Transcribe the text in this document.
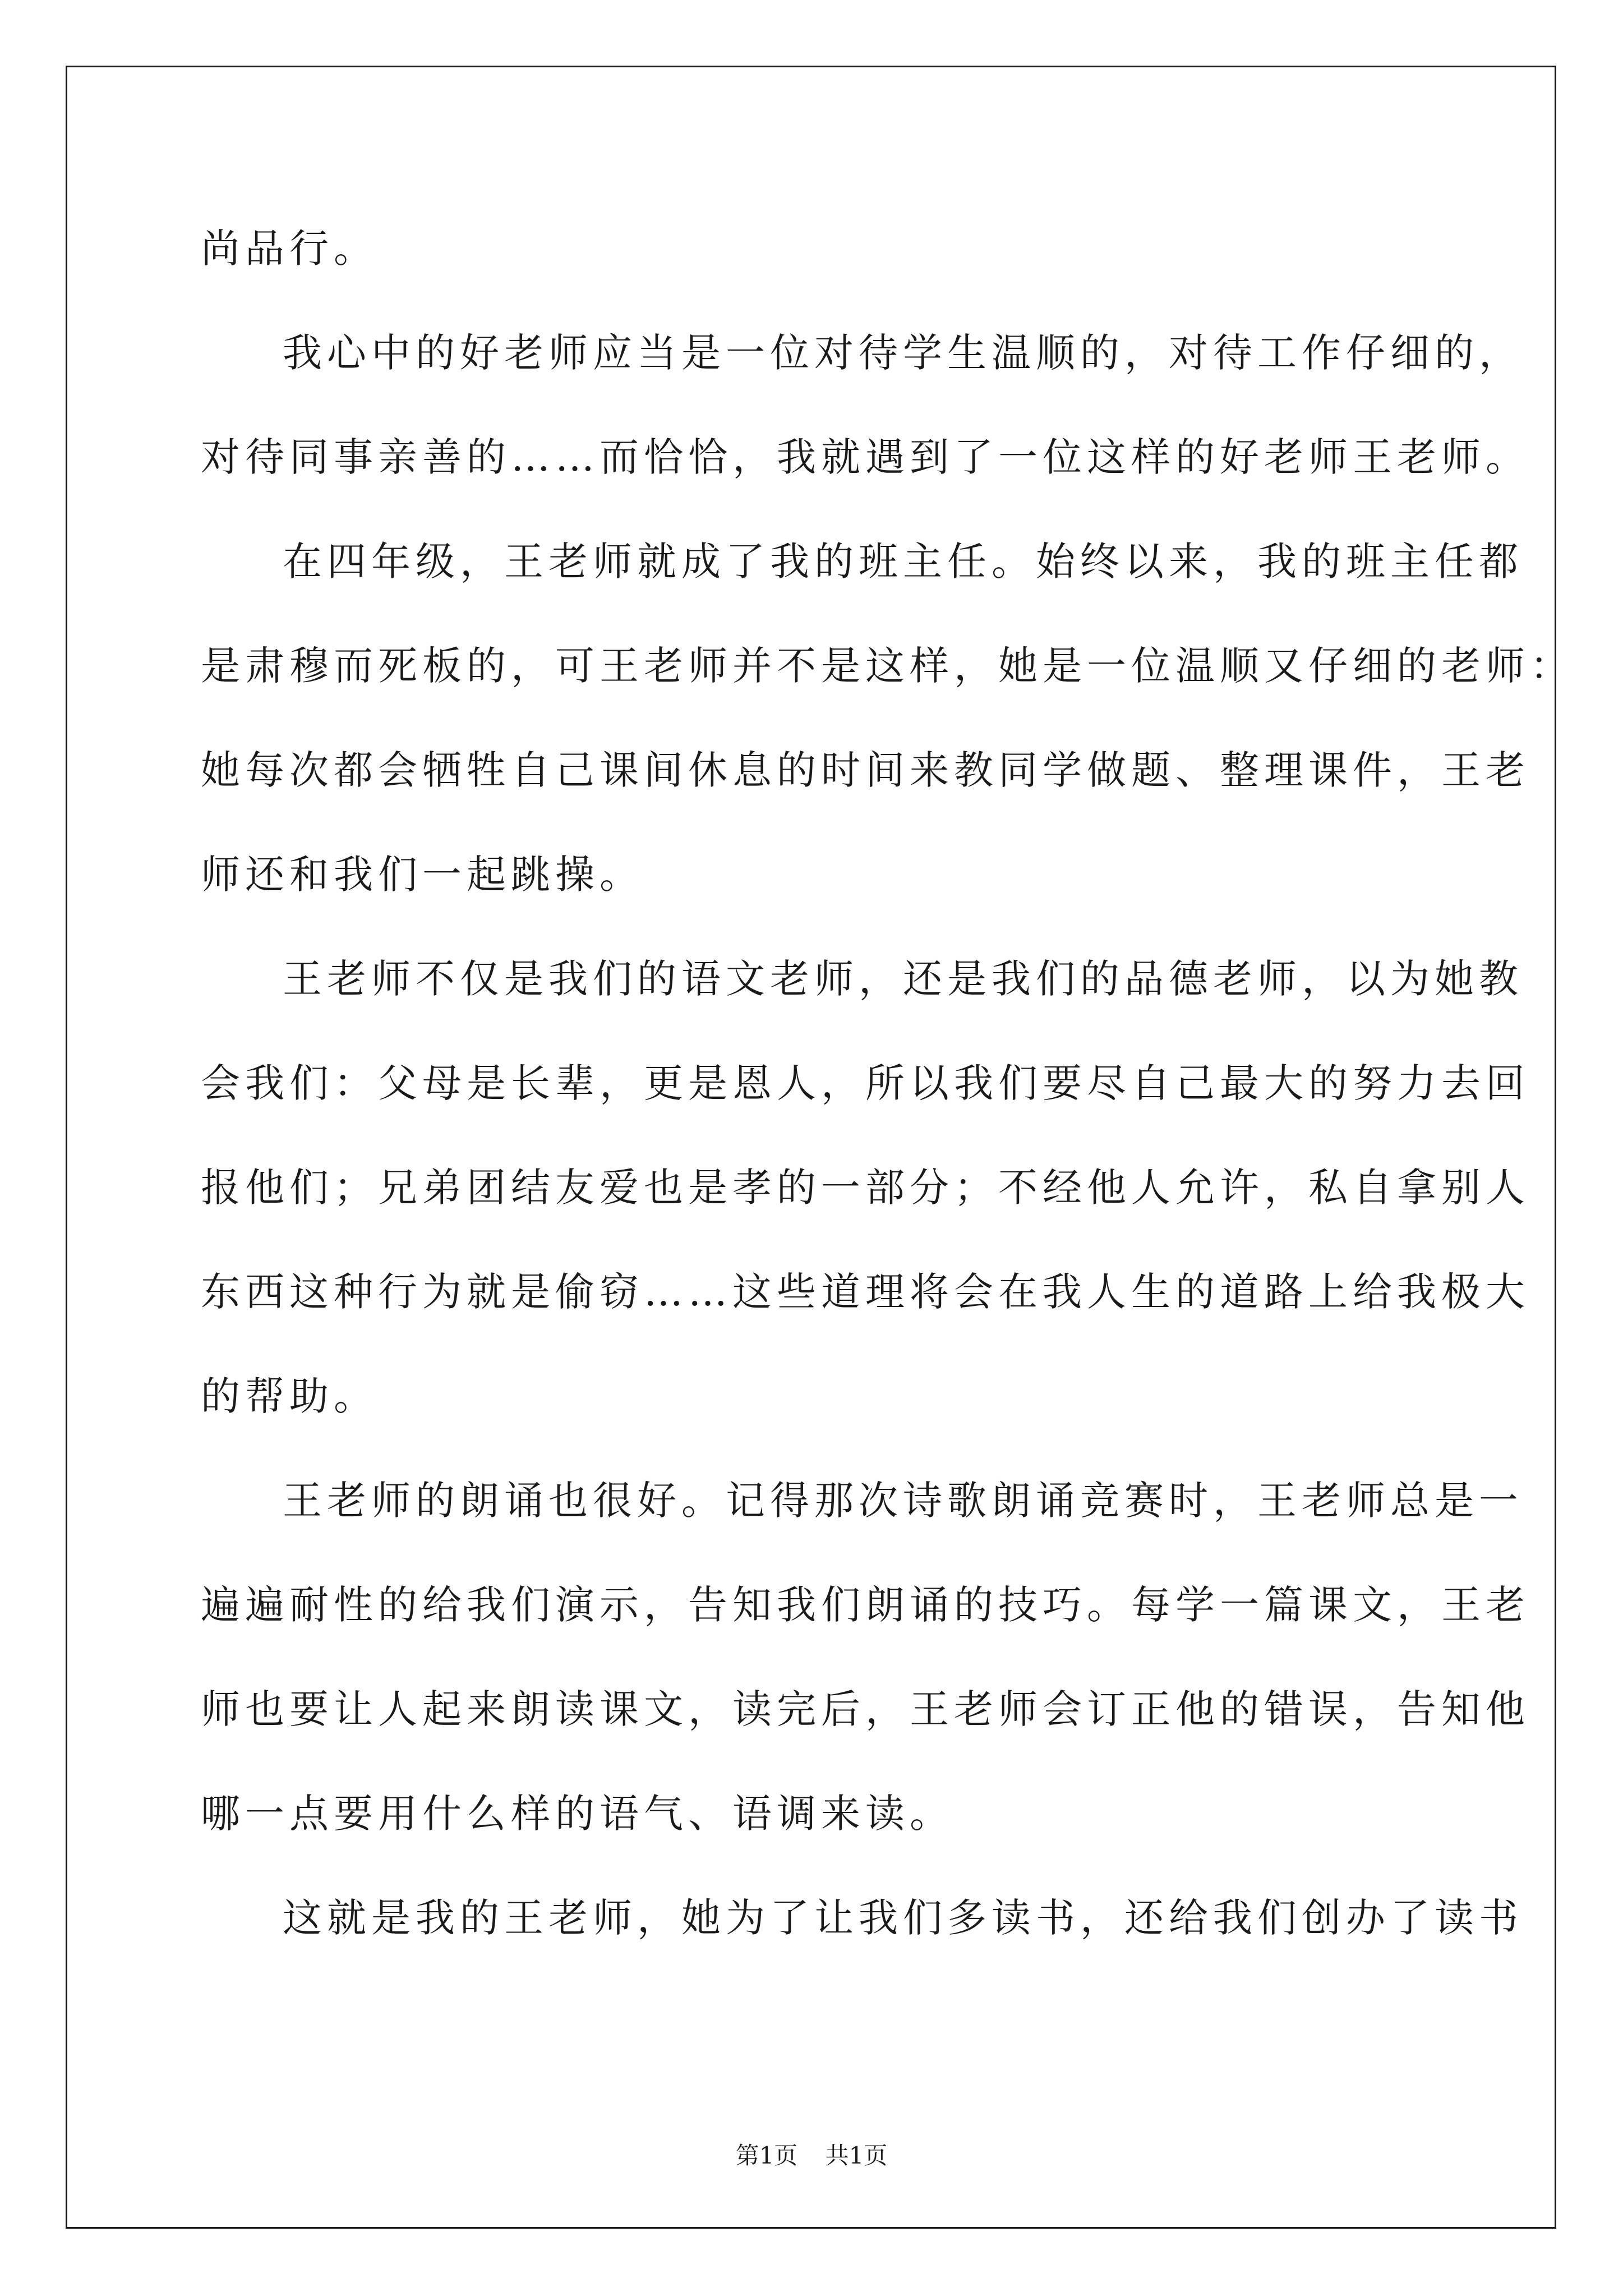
尚品行。
我心中的好老师应当是一位对待学生温顺的，对待工作仔细的，
对待同事亲善的……而恰恰，我就遇到了一位这样的好老师王老师。
在四年级，王老师就成了我的班主任。始终以来，我的班主任都
是肃穆而死板的，可王老师并不是这样，她是一位温顺又仔细的老师：
她每次都会牺牲自己课间休息的时间来教同学做题、整理课件，王老
师还和我们一起跳操。
王老师不仅是我们的语文老师，还是我们的品德老师，以为她教
会我们：父母是长辈，更是恩人，所以我们要尽自己最大的努力去回
报他们；兄弟团结友爱也是孝的一部分；不经他人允许，私自拿别人
东西这种行为就是偷窃……这些道理将会在我人生的道路上给我极大
的帮助。
王老师的朗诵也很好。记得那次诗歌朗诵竞赛时，王老师总是一
遍遍耐性的给我们演示，告知我们朗诵的技巧。每学一篇课文，王老
师也要让人起来朗读课文，读完后，王老师会订正他的错误，告知他
哪一点要用什么样的语气、语调来读。
这就是我的王老师，她为了让我们多读书，还给我们创办了读书
第1页 共1页
